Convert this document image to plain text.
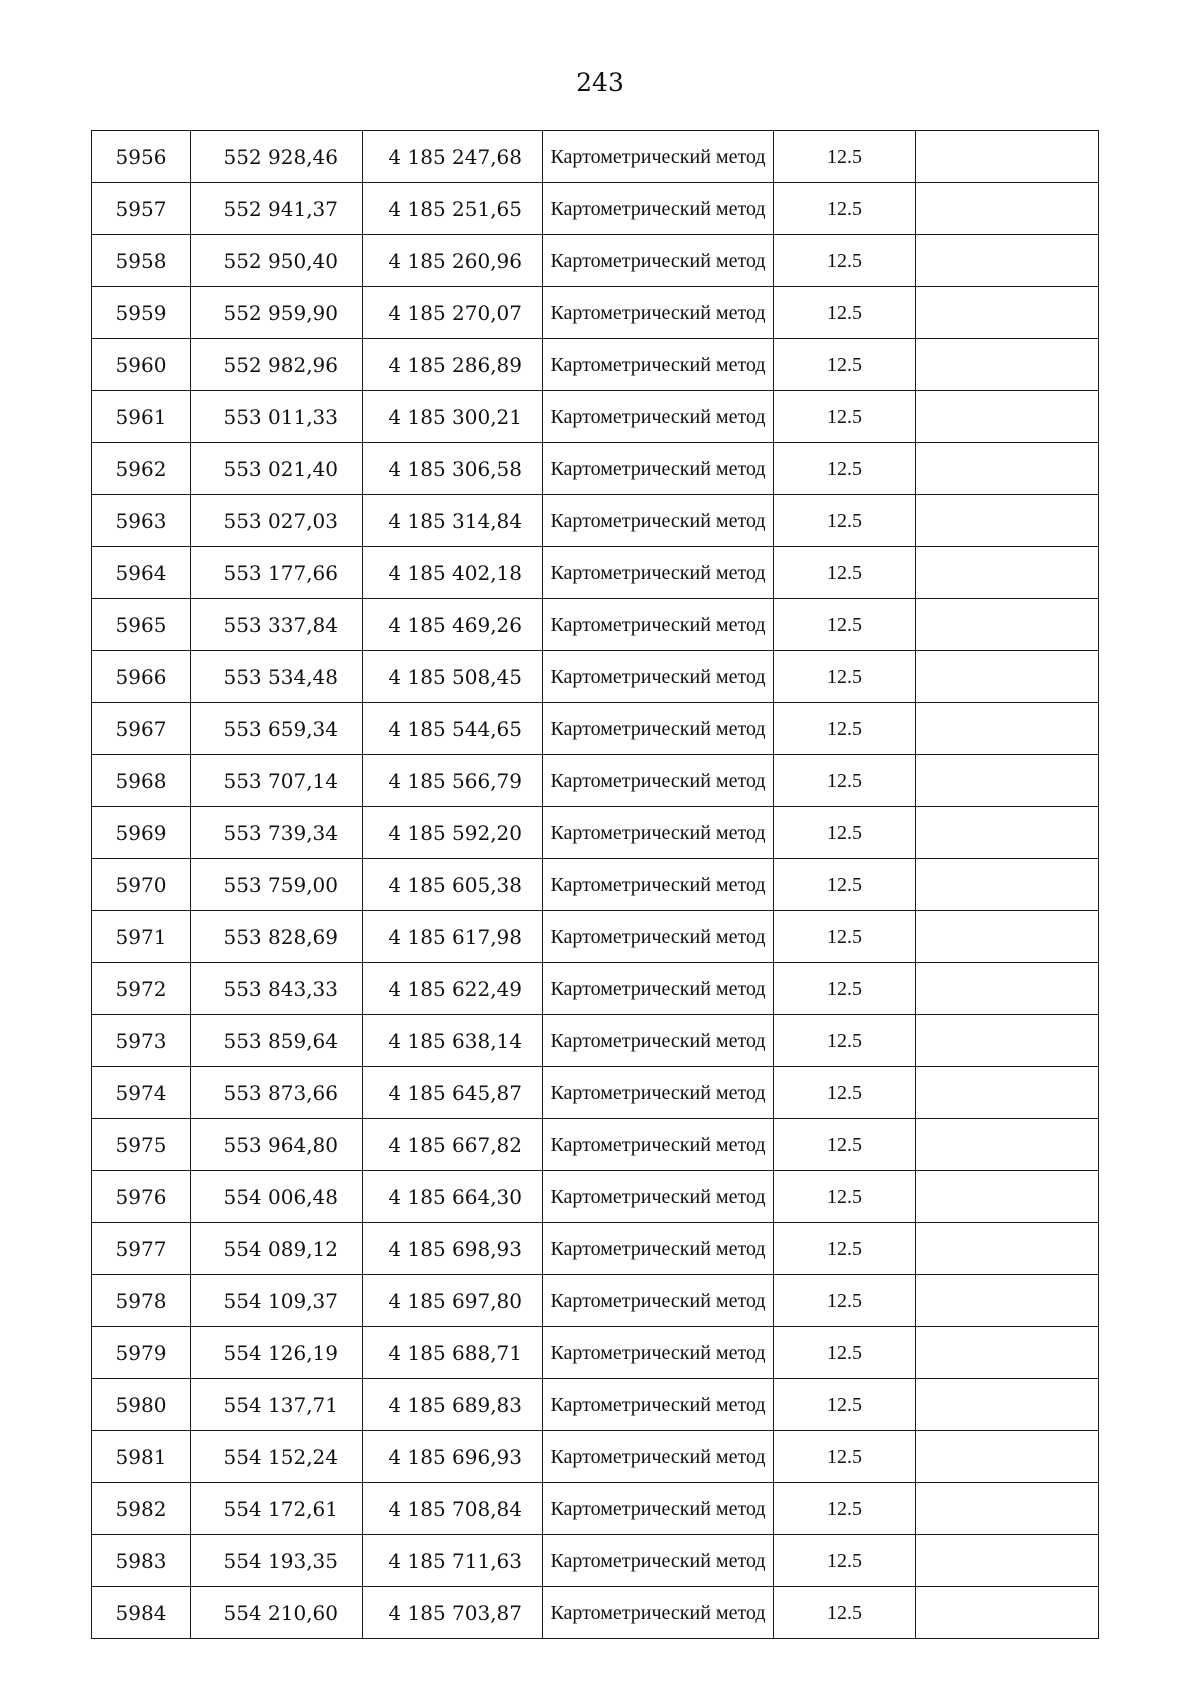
243
5956	552 928,46	4 185 247,68	Картометрический метод	12.5	
5957	552 941,37	4 185 251,65	Картометрический метод	12.5	
5958	552 950,40	4 185 260,96	Картометрический метод	12.5	
5959	552 959,90	4 185 270,07	Картометрический метод	12.5	
5960	552 982,96	4 185 286,89	Картометрический метод	12.5	
5961	553 011,33	4 185 300,21	Картометрический метод	12.5	
5962	553 021,40	4 185 306,58	Картометрический метод	12.5	
5963	553 027,03	4 185 314,84	Картометрический метод	12.5	
5964	553 177,66	4 185 402,18	Картометрический метод	12.5	
5965	553 337,84	4 185 469,26	Картометрический метод	12.5	
5966	553 534,48	4 185 508,45	Картометрический метод	12.5	
5967	553 659,34	4 185 544,65	Картометрический метод	12.5	
5968	553 707,14	4 185 566,79	Картометрический метод	12.5	
5969	553 739,34	4 185 592,20	Картометрический метод	12.5	
5970	553 759,00	4 185 605,38	Картометрический метод	12.5	
5971	553 828,69	4 185 617,98	Картометрический метод	12.5	
5972	553 843,33	4 185 622,49	Картометрический метод	12.5	
5973	553 859,64	4 185 638,14	Картометрический метод	12.5	
5974	553 873,66	4 185 645,87	Картометрический метод	12.5	
5975	553 964,80	4 185 667,82	Картометрический метод	12.5	
5976	554 006,48	4 185 664,30	Картометрический метод	12.5	
5977	554 089,12	4 185 698,93	Картометрический метод	12.5	
5978	554 109,37	4 185 697,80	Картометрический метод	12.5	
5979	554 126,19	4 185 688,71	Картометрический метод	12.5	
5980	554 137,71	4 185 689,83	Картометрический метод	12.5	
5981	554 152,24	4 185 696,93	Картометрический метод	12.5	
5982	554 172,61	4 185 708,84	Картометрический метод	12.5	
5983	554 193,35	4 185 711,63	Картометрический метод	12.5	
5984	554 210,60	4 185 703,87	Картометрический метод	12.5	
